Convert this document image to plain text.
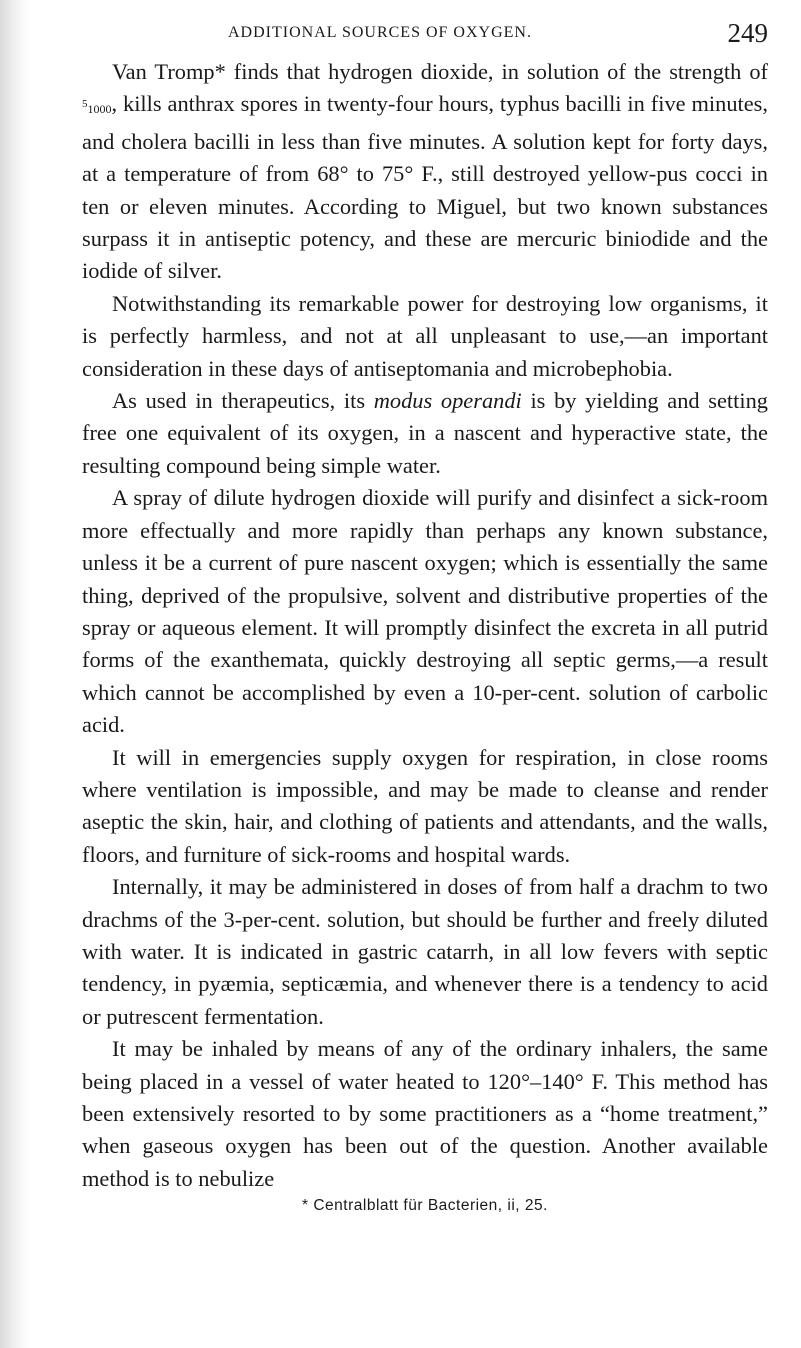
ADDITIONAL SOURCES OF OXYGEN.	249

Van Tromp* finds that hydrogen dioxide, in solution of the strength of $^5$1000, kills anthrax spores in twenty-four hours, typhus bacilli in five minutes, and cholera bacilli in less than five minutes. A solution kept for forty days, at a temperature of from 68° to 75° F., still destroyed yellow-pus cocci in ten or eleven minutes. According to Miguel, but two known substances surpass it in antiseptic potency, and these are mercuric biniodide and the iodide of silver.

Notwithstanding its remarkable power for destroying low organisms, it is perfectly harmless, and not at all unpleasant to use,—an important consideration in these days of antiseptomania and microbephobia.

As used in therapeutics, its modus operandi is by yielding and setting free one equivalent of its oxygen, in a nascent and hyperactive state, the resulting compound being simple water.

A spray of dilute hydrogen dioxide will purify and disinfect a sick-room more effectually and more rapidly than perhaps any known substance, unless it be a current of pure nascent oxygen; which is essentially the same thing, deprived of the propulsive, solvent and distributive properties of the spray or aqueous element. It will promptly disinfect the excreta in all putrid forms of the exanthemata, quickly destroying all septic germs,—a result which cannot be accomplished by even a 10-per-cent. solution of carbolic acid.

It will in emergencies supply oxygen for respiration, in close rooms where ventilation is impossible, and may be made to cleanse and render aseptic the skin, hair, and clothing of patients and attendants, and the walls, floors, and furniture of sick-rooms and hospital wards.

Internally, it may be administered in doses of from half a drachm to two drachms of the 3-per-cent. solution, but should be further and freely diluted with water. It is indicated in gastric catarrh, in all low fevers with septic tendency, in pyæmia, septicæmia, and whenever there is a tendency to acid or putrescent fermentation.

It may be inhaled by means of any of the ordinary inhalers, the same being placed in a vessel of water heated to 120°–140° F. This method has been extensively resorted to by some practitioners as a “home treatment,” when gaseous oxygen has been out of the question. Another available method is to nebulize

* Centralblatt für Bacterien, ii, 25.
